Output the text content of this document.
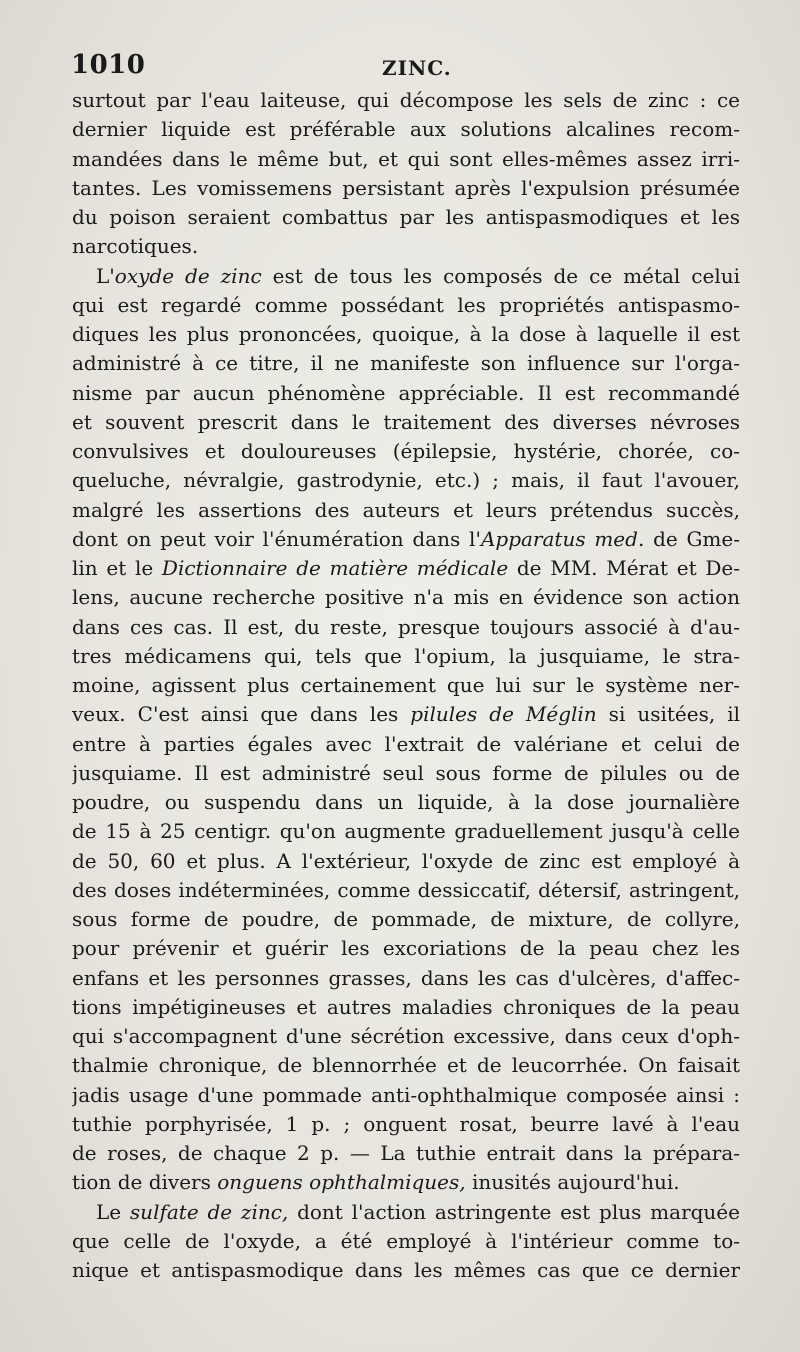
1010	ZINC.
surtout par l'eau laiteuse, qui décompose les sels de zinc : ce
dernier liquide est préférable aux solutions alcalines recom-
mandées dans le même but, et qui sont elles-mêmes assez irri-
tantes. Les vomissemens persistant après l'expulsion présumée
du poison seraient combattus par les antispasmodiques et les
narcotiques.
L'oxyde de zinc est de tous les composés de ce métal celui
qui est regardé comme possédant les propriétés antispasmo-
diques les plus prononcées, quoique, à la dose à laquelle il est
administré à ce titre, il ne manifeste son influence sur l'orga-
nisme par aucun phénomène appréciable. Il est recommandé
et souvent prescrit dans le traitement des diverses névroses
convulsives et douloureuses (épilepsie, hystérie, chorée, co-
queluche, névralgie, gastrodynie, etc.) ; mais, il faut l'avouer,
malgré les assertions des auteurs et leurs prétendus succès,
dont on peut voir l'énumération dans l'Apparatus med. de Gme-
lin et le Dictionnaire de matière médicale de MM. Mérat et De-
lens, aucune recherche positive n'a mis en évidence son action
dans ces cas. Il est, du reste, presque toujours associé à d'au-
tres médicamens qui, tels que l'opium, la jusquiame, le stra-
moine, agissent plus certainement que lui sur le système ner-
veux. C'est ainsi que dans les pilules de Méglin si usitées, il
entre à parties égales avec l'extrait de valériane et celui de
jusquiame. Il est administré seul sous forme de pilules ou de
poudre, ou suspendu dans un liquide, à la dose journalière
de 15 à 25 centigr. qu'on augmente graduellement jusqu'à celle
de 50, 60 et plus. A l'extérieur, l'oxyde de zinc est employé à
des doses indéterminées, comme dessiccatif, détersif, astringent,
sous forme de poudre, de pommade, de mixture, de collyre,
pour prévenir et guérir les excoriations de la peau chez les
enfans et les personnes grasses, dans les cas d'ulcères, d'affec-
tions impétigineuses et autres maladies chroniques de la peau
qui s'accompagnent d'une sécrétion excessive, dans ceux d'oph-
thalmie chronique, de blennorrhée et de leucorrhée. On faisait
jadis usage d'une pommade anti-ophthalmique composée ainsi :
tuthie porphyrisée, 1 p. ; onguent rosat, beurre lavé à l'eau
de roses, de chaque 2 p. — La tuthie entrait dans la prépara-
tion de divers onguens ophthalmiques, inusités aujourd'hui.
Le sulfate de zinc, dont l'action astringente est plus marquée
que celle de l'oxyde, a été employé à l'intérieur comme to-
nique et antispasmodique dans les mêmes cas que ce dernier
